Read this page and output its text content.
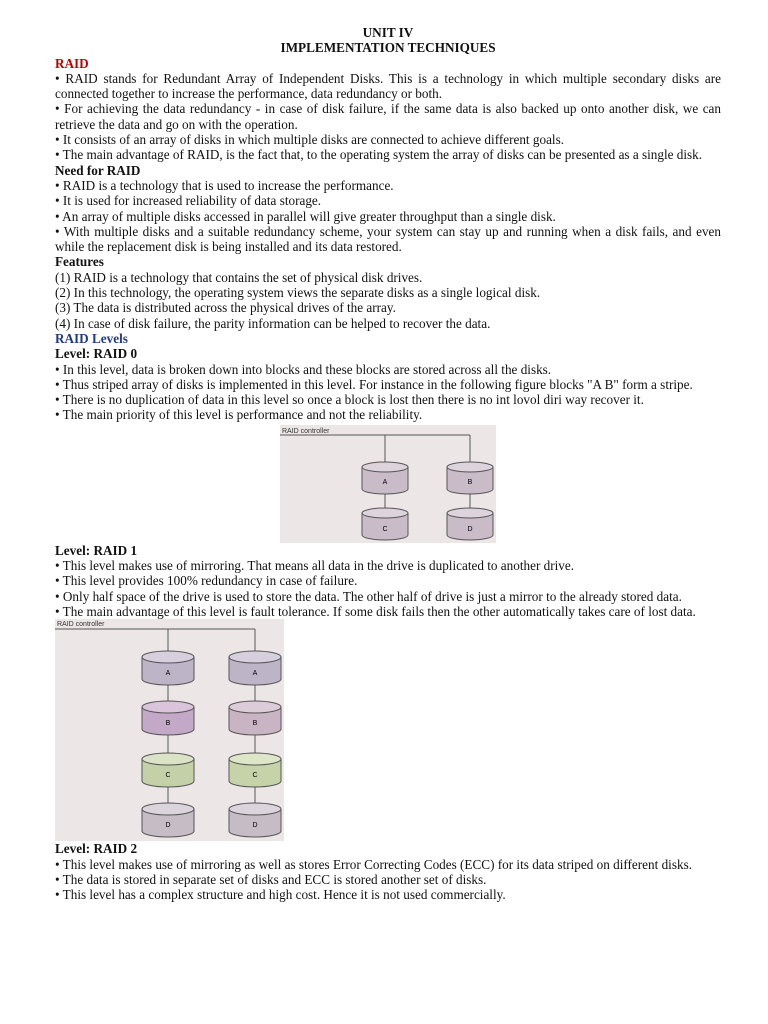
UNIT IV
IMPLEMENTATION TECHNIQUES
RAID
• RAID stands for Redundant Array of Independent Disks. This is a technology in which multiple secondary disks are connected together to increase the performance, data redundancy or both.
• For achieving the data redundancy - in case of disk failure, if the same data is also backed up onto another disk, we can retrieve the data and go on with the operation.
• It consists of an array of disks in which multiple disks are connected to achieve different goals.
• The main advantage of RAID, is the fact that, to the operating system the array of disks can be presented as a single disk.
Need for RAID
• RAID is a technology that is used to increase the performance.
• It is used for increased reliability of data storage.
• An array of multiple disks accessed in parallel will give greater throughput than a single disk.
• With multiple disks and a suitable redundancy scheme, your system can stay up and running when a disk fails, and even while the replacement disk is being installed and its data restored.
Features
(1) RAID is a technology that contains the set of physical disk drives.
(2) In this technology, the operating system views the separate disks as a single logical disk.
(3) The data is distributed across the physical drives of the array.
(4) In case of disk failure, the parity information can be helped to recover the data.
RAID Levels
Level: RAID 0
• In this level, data is broken down into blocks and these blocks are stored across all the disks.
• Thus striped array of disks is implemented in this level. For instance in the following figure blocks "A B" form a stripe.
• There is no duplication of data in this level so once a block is lost then there is no int lovol diri way recover it.
• The main priority of this level is performance and not the reliability.
RAID controller
A	B
C	D
Level: RAID 1
• This level makes use of mirroring. That means all data in the drive is duplicated to another drive.
• This level provides 100% redundancy in case of failure.
• Only half space of the drive is used to store the data. The other half of drive is just a mirror to the already stored data.
• The main advantage of this level is fault tolerance. If some disk fails then the other automatically takes care of lost data.
RAID controller
A	A
B	B
C	C
D	D
Level: RAID 2
• This level makes use of mirroring as well as stores Error Correcting Codes (ECC) for its data striped on different disks.
• The data is stored in separate set of disks and ECC is stored another set of disks.
• This level has a complex structure and high cost. Hence it is not used commercially.
